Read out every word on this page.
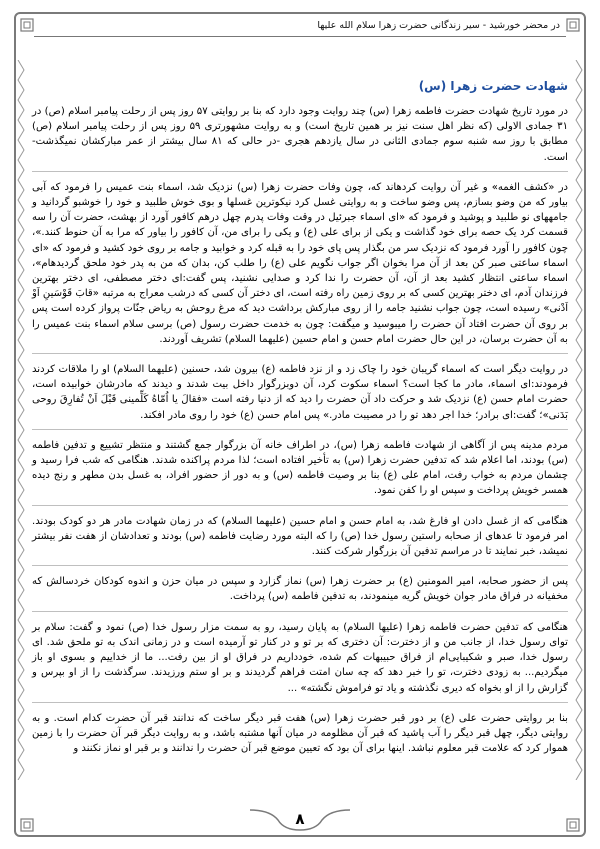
در محضر خورشید - سیر زندگانی حضرت زهرا سلام الله علیها
شهادت حضرت زهرا (س)

در مورد تاریخ شهادت حضرت فاطمه زهرا (س) چند روایت وجود دارد که بنا بر روایتی ۵۷ روز پس از رحلت پیامبر اسلام (ص) در ۳۱ جمادی الاولی (که نظر اهل سنت نیز بر همین تاریخ است) و به روایت مشهورتری ۵۹ روز پس از رحلت پیامبر اسلام (ص) مطابق با روز سه شنبه سوم جمادی الثانی در سال یازدهم هجری -در حالی که ۸۱ سال بیشتر از عمر مبارکشان نمیگذشت- است.

در «کشف الغمه» و غیر آن روایت کردهاند که، چون وفات حضرت زهرا (س) نزدیک شد، اسماء بنت عمیس را فرمود که آبی بیاور که من وضو بسازم، پس وضو ساخت و به روایتی غسل کرد نیکوترین غسلها و بوی خوش طلبید و خود را خوشبو گردانید و جامههای نو طلبید و پوشید و فرمود که «ای اسماء جبرئیل در وقت وفات پدرم چهل درهم کافور آورد از بهشت، حضرت آن را سه قسمت کرد یک حصه برای خود گذاشت و یکی از برای علی (ع) و یکی را برای من، آن کافور را بیاور که مرا به آن حنوط کنند.»، چون کافور را آورد فرمود که نزدیک سر من بگذار پس پای خود را به قبله کرد و خوابید و جامه بر روی خود کشید و فرمود که «ای اسماء ساعتی صبر کن بعد از آن مرا بخوان اگر جواب نگویم علی (ع) را طلب کن، بدان که من به پدر خود ملحق گردیدهام»، اسماء ساعتی انتظار کشید بعد از آن، آن حضرت را ندا کرد و صدایی نشنید، پس گفت:ای دختر مصطفی، ای دختر بهترین فرزندان آدم، ای دختر بهترین کسی که بر روی زمین راه رفته است، ای دختر آن کسی که درشب معراج به مرتبه «قابَ قَوْسَینِ اَوْ اَدْنی» رسیده است، چون جواب نشنید جامه را از روی مبارکش برداشت دید که مرغ روحش به ریاض جنّات پرواز کرده است پس بر روی آن حضرت افتاد آن حضرت را میبوسید و میگفت: چون به خدمت حضرت رسول (ص) برسی سلام اسماء بنت عمیس را به آن حضرت برسان، در این حال حضرت امام حسن و امام حسین (علیهما السلام) تشریف آوردند.

در روایت دیگر است که اسماء گریبان خود را چاک زد و از نزد فاطمه (ع) بیرون شد، حسنین (علیهما السلام) او را ملاقات کردند فرمودند:ای اسماء، مادر ما کجا است؟ اسماء سکوت کرد، آن دوبزرگوار داخل بیت شدند و دیدند که مادرشان خوابیده است، حضرت امام حسن (ع) نزدیک شد و حرکت داد آن حضرت را دید که از دنیا رفته است «فقالَ یا اُمّاهُ کَلِّمینی قَبْلَ اَنْ تُفارِقَ روحی بَدَنی»؛ گفت:ای برادر؛ خدا اجر دهد تو را در مصیبت مادر.» پس امام حسن (ع) خود را روی مادر افکند.

مردم مدینه پس از آگاهی از شهادت فاطمه زهرا (س)، در اطراف خانه آن بزرگوار جمع گشتند و منتظر تشییع و تدفین فاطمه (س) بودند، اما اعلام شد که تدفین حضرت زهرا (س) به تأخیر افتاده است؛ لذا مردم پراکنده شدند. هنگامی که شب فرا رسید و چشمان مردم به خواب رفت، امام علی (ع) بنا بر وصیت فاطمه (س) و به دور از حضور افراد، به غسل بدن مطهر و رنج دیده همسر خویش پرداخت و سپس او را کفن نمود.

هنگامی که از غسل دادن او فارغ شد، به امام حسن و امام حسین (علیهما السلام) که در زمان شهادت مادر هر دو کودک بودند. امر فرمود تا عدهای از صحابه راستین رسول خدا (ص) را که البته مورد رضایت فاطمه (س) بودند و تعدادشان از هفت نفر بیشتر نمیشد، خبر نمایند تا در مراسم تدفین آن بزرگوار شرکت کنند.

پس از حضور صحابه، امیر المومنین (ع) بر حضرت زهرا (س) نماز گزارد و سپس در میان حزن و اندوه کودکان خردسالش که مخفیانه در فراق مادر جوان خویش گریه مینمودند، به تدفین فاطمه (س) پرداخت.

هنگامی که تدفین حضرت فاطمه زهرا (علیها السلام) به پایان رسید، رو به سمت مزار رسول خدا (ص) نمود و گفت: سلام بر توای رسول خدا، از جانب من و از دخترت: آن دختری که بر تو و در کنار تو آرمیده است و در زمانی اندک به تو ملحق شد. ای رسول خدا، صبر و شکیبایی‌ام از فراق حبیبهات کم شده، خودداریم در فراق او از بین رفت... ما از خداییم و بسوی او باز میگردیم... به زودی دخترت، تو را خبر دهد که چه سان امتت فراهم گردیدند و بر او ستم ورزیدند. سرگذشت را از او بپرس و گزارش را از او بخواه که دیری نگذشته و یاد تو فراموش نگشته» ...

بنا بر روایتی حضرت علی (ع) بر دور قبر حضرت زهرا (س) هفت قبر دیگر ساخت که ندانند قبر آن حضرت کدام است. و به روایتی دیگر، چهل قبر دیگر را آب پاشید که قبر آن مظلومه در میان آنها مشتبه باشد، و به روایت دیگر قبر آن حضرت را با زمین هموار کرد که علامت قبر معلوم نباشد. اینها برای آن بود که تعیین موضع قبر آن حضرت را ندانند و بر قبر او نماز نکنند و

۸
